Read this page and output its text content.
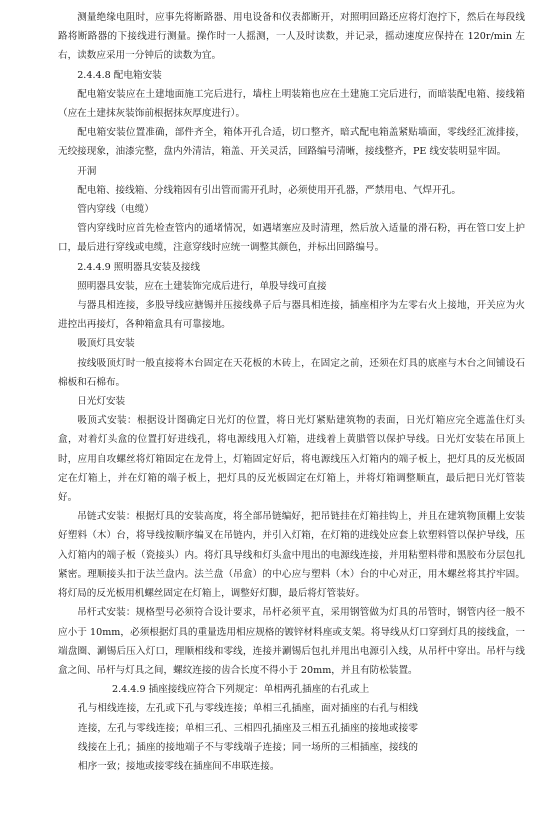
测量绝缘电阻时，应事先将断路器、用电设备和仪表都断开，对照明回路还应将灯泡拧下，然后在每段线路将断路器的下接线进行测量。操作时一人摇测，一人及时读数，并记录，摇动速度应保持在 120r/min 左右，读数应采用一分钟后的读数为宜。

2.4.4.8 配电箱安装

配电箱安装应在土建地面施工完后进行，墙柱上明装箱也应在土建施工完后进行，而暗装配电箱、接线箱（应在土建抹灰装饰前根据抹灰厚度进行）。

配电箱安装位置准确，部件齐全，箱体开孔合适，切口整齐，暗式配电箱盖紧贴墙面，零线经汇流排接，无绞接现象，油漆完整，盘内外清洁，箱盖、开关灵活，回路编号清晰，接线整齐，PE 线安装明显牢固。

开洞

配电箱、接线箱、分线箱因有引出管而需开孔时，必须使用开孔器，严禁用电、气焊开孔。

管内穿线（电缆）

管内穿线时应首先检查管内的通堵情况，如遇堵塞应及时清理，然后放入适量的滑石粉，再在管口安上护口，最后进行穿线或电缆，注意穿线时应统一调整其颜色，并标出回路编号。

2.4.4.9 照明器具安装及接线

照明器具安装，应在土建装饰完成后进行，单股导线可直接

与器具相连接，多股导线应搪锡并压接线鼻子后与器具相连接，插座相序为左零右火上接地，开关应为火进控出再接灯，各种箱盒具有可靠接地。

吸顶灯具安装

按线吸顶灯时一般直接将木台固定在天花板的木砖上，在固定之前，还须在灯具的底座与木台之间铺设石棉板和石棉布。

日光灯安装

吸顶式安装：根据设计图确定日光灯的位置，将日光灯紧贴建筑物的表面，日光灯箱应完全遮盖住灯头盒，对着灯头盒的位置打好进线孔，将电源线甩入灯箱，进线着上黄腊管以保护导线。日光灯安装在吊顶上时，应用自攻螺丝将灯箱固定在龙骨上，灯箱固定好后，将电源线压入灯箱内的端子板上，把灯具的反光板固定在灯箱上，并在灯箱的端子板上，把灯具的反光板固定在灯箱上，并将灯箱调整顺直，最后把日光灯管装好。

吊链式安装：根据灯具的安装高度，将全部吊链编好，把吊链挂在灯箱挂钩上，并且在建筑物顶棚上安装好塑料（木）台，将导线按顺序编叉在吊链内，并引入灯箱，在灯箱的进线处应套上软塑料管以保护导线，压入灯箱内的端子板（瓷接头）内。将灯具导线和灯头盒中甩出的电源线连接，并用粘塑料带和黑胶布分层包扎紧密。理顺接头扣于法兰盘内。法兰盘（吊盒）的中心应与塑料（木）台的中心对正，用木螺丝将其拧牢固。将灯局的反光板用机螺丝固定在灯箱上，调整好灯脚，最后将灯管装好。

吊杆式安装：规格型号必须符合设计要求，吊杆必须平直，采用钢管做为灯具的吊管时，钢管内径一般不应小于 10mm，必须根据灯具的重量选用相应规格的镀锌材料座或支架。将导线从灯口穿到灯具的接线盒，一端盘圈、涮锡后压入灯口，理顺相线和零线，连接并涮锡后包扎并甩出电源引入线，从吊杆中穿出。吊杆与线盒之间、吊杆与灯具之间，螺纹连接的齿合长度不得小于 20mm，并且有防松装置。

2.4.4.9 插座接线应符合下列规定：单相两孔插座的右孔或上

孔与相线连接，左孔或下孔与零线连接；单相三孔插座，面对插座的右孔与相线连接，左孔与零线连接；单相三孔、三相四孔插座及三相五孔插座的接地或接零线接在上孔；插座的接地端子不与零线端子连接；同一场所的三相插座，接线的相序一致；接地或接零线在插座间不串联连接。
